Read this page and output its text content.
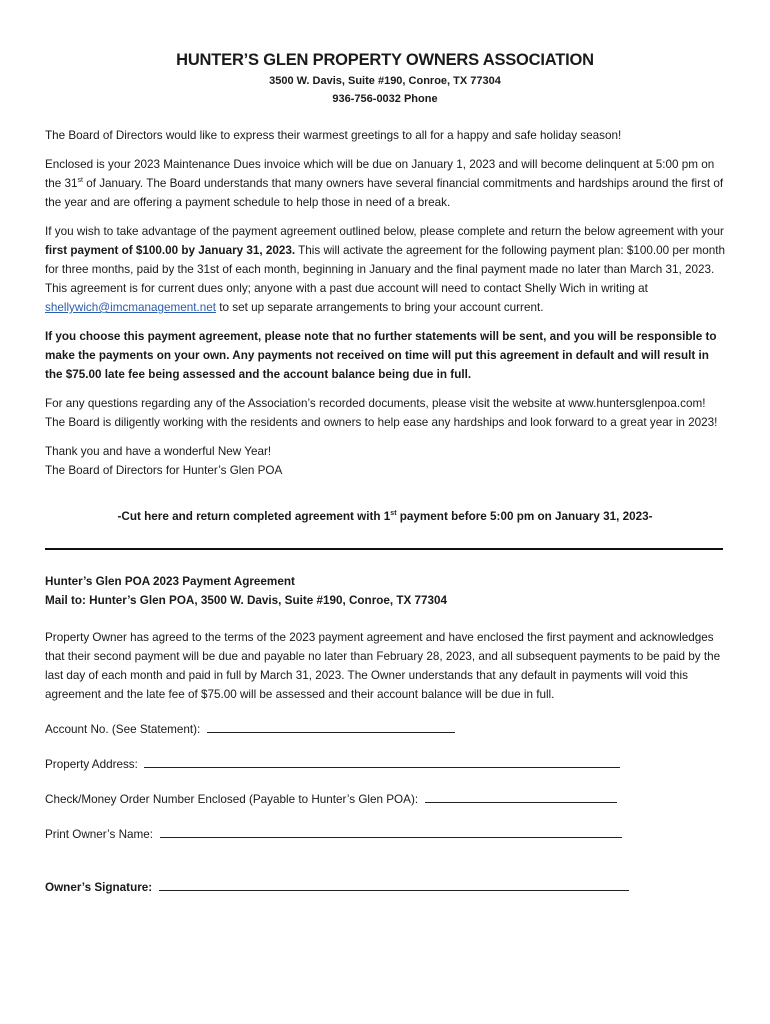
HUNTER’S GLEN PROPERTY OWNERS ASSOCIATION
3500 W. Davis, Suite #190, Conroe, TX 77304
936-756-0032 Phone

The Board of Directors would like to express their warmest greetings to all for a happy and safe holiday season!

Enclosed is your 2023 Maintenance Dues invoice which will be due on January 1, 2023 and will become delinquent at 5:00 pm on the 31st of January. The Board understands that many owners have several financial commitments and hardships around the first of the year and are offering a payment schedule to help those in need of a break.

If you wish to take advantage of the payment agreement outlined below, please complete and return the below agreement with your first payment of $100.00 by January 31, 2023. This will activate the agreement for the following payment plan: $100.00 per month for three months, paid by the 31st of each month, beginning in January and the final payment made no later than March 31, 2023. This agreement is for current dues only; anyone with a past due account will need to contact Shelly Wich in writing at shellywich@imcmanagement.net to set up separate arrangements to bring your account current.

If you choose this payment agreement, please note that no further statements will be sent, and you will be responsible to make the payments on your own. Any payments not received on time will put this agreement in default and will result in the $75.00 late fee being assessed and the account balance being due in full.

For any questions regarding any of the Association’s recorded documents, please visit the website at www.huntersglenpoa.com! The Board is diligently working with the residents and owners to help ease any hardships and look forward to a great year in 2023!

Thank you and have a wonderful New Year!

The Board of Directors for Hunter’s Glen POA

-Cut here and return completed agreement with 1st payment before 5:00 pm on January 31, 2023-

Hunter’s Glen POA 2023 Payment Agreement

Mail to: Hunter’s Glen POA, 3500 W. Davis, Suite #190, Conroe, TX 77304

Property Owner has agreed to the terms of the 2023 payment agreement and have enclosed the first payment and acknowledges that their second payment will be due and payable no later than February 28, 2023, and all subsequent payments to be paid by the last day of each month and paid in full by March 31, 2023. The Owner understands that any default in payments will void this agreement and the late fee of $75.00 will be assessed and their account balance will be due in full.

Account No. (See Statement):
Property Address:
Check/Money Order Number Enclosed (Payable to Hunter’s Glen POA):
Print Owner’s Name:
Owner’s Signature:
